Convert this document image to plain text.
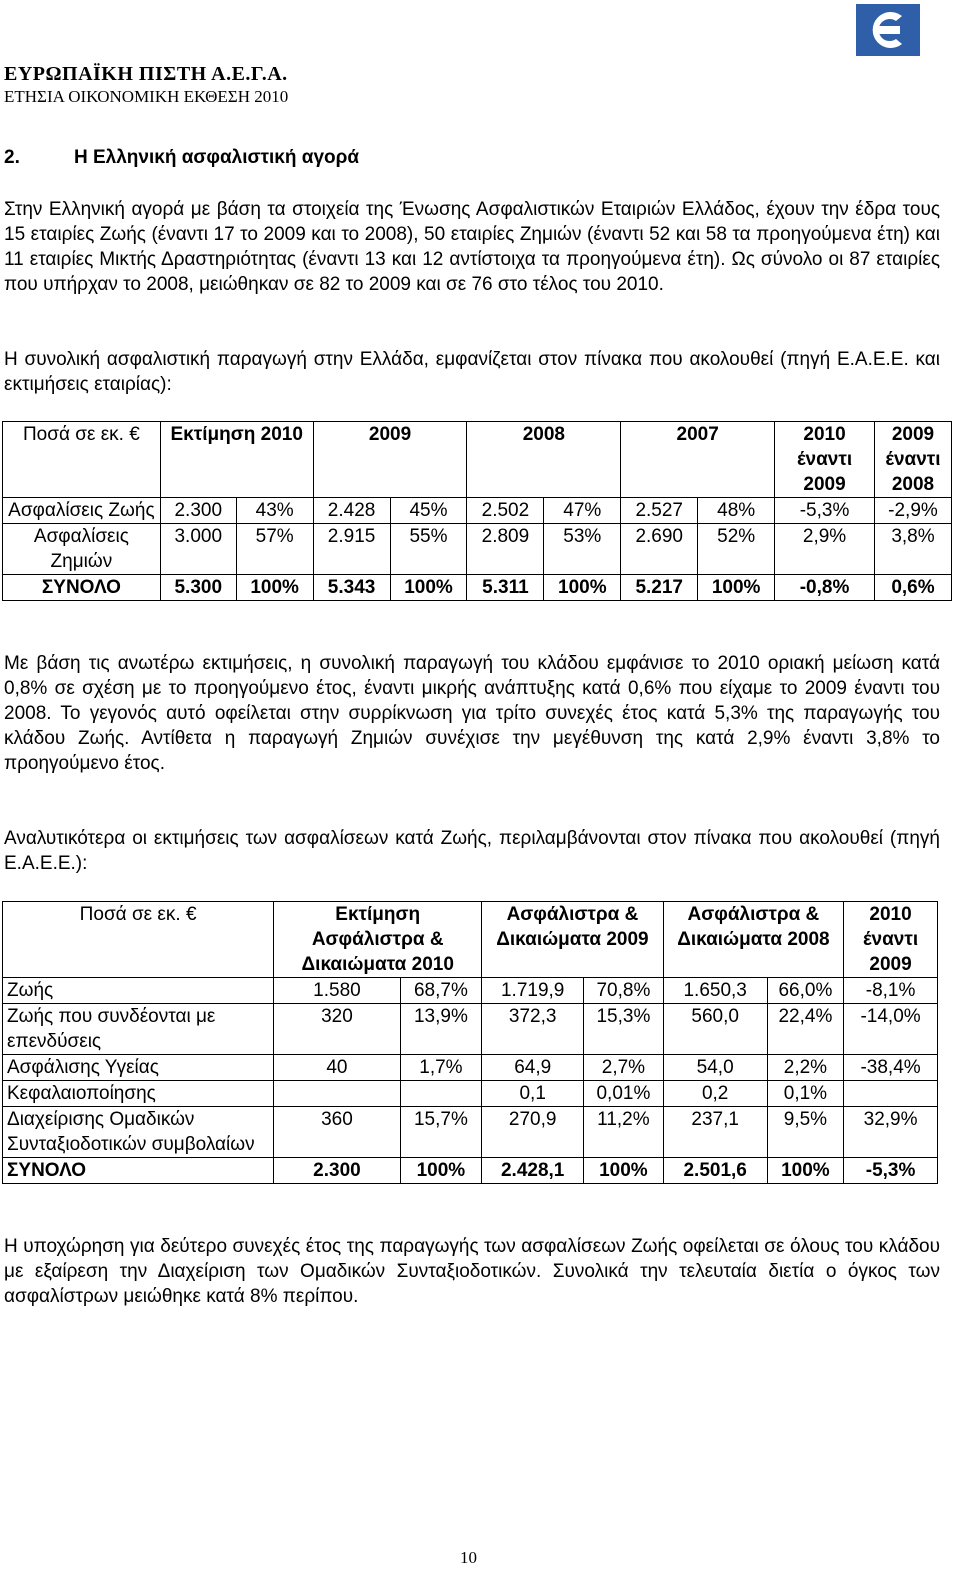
ΕΥΡΩΠΑΪΚΗ ΠΙΣΤΗ Α.Ε.Γ.Α.
ΕΤΗΣΙΑ ΟΙΚΟΝΟΜΙΚΗ ΕΚΘΕΣΗ 2010
2.	Η Ελληνική ασφαλιστική αγορά

Στην Ελληνική αγορά με βάση τα στοιχεία της Ένωσης Ασφαλιστικών Εταιριών Ελλάδος, έχουν την έδρα τους 15 εταιρίες Ζωής (έναντι 17 το 2009 και το 2008), 50 εταιρίες Ζημιών (έναντι 52 και 58 τα προηγούμενα έτη) και 11 εταιρίες Μικτής Δραστηριότητας (έναντι 13 και 12 αντίστοιχα τα προηγούμενα έτη). Ως σύνολο οι 87 εταιρίες που υπήρχαν το 2008, μειώθηκαν σε 82 το 2009 και σε 76 στο τέλος του 2010.

Η συνολική ασφαλιστική παραγωγή στην Ελλάδα, εμφανίζεται στον πίνακα που ακολουθεί (πηγή Ε.Α.Ε.Ε. και εκτιμήσεις εταιρίας):

Ποσά σε εκ. €	Εκτίμηση 2010		2009		2008		2007		2010 έναντι 2009	2009 έναντι 2008
Ασφαλίσεις Ζωής	2.300	43%	2.428	45%	2.502	47%	2.527	48%	-5,3%	-2,9%
Ασφαλίσεις Ζημιών	3.000	57%	2.915	55%	2.809	53%	2.690	52%	2,9%	3,8%
ΣΥΝΟΛΟ	5.300	100%	5.343	100%	5.311	100%	5.217	100%	-0,8%	0,6%

Με βάση τις ανωτέρω εκτιμήσεις, η συνολική παραγωγή του κλάδου εμφάνισε το 2010 οριακή μείωση κατά 0,8% σε σχέση με το προηγούμενο έτος, έναντι μικρής ανάπτυξης κατά 0,6% που είχαμε το 2009 έναντι του 2008. Το γεγονός αυτό οφείλεται στην συρρίκνωση για τρίτο συνεχές έτος κατά 5,3% της παραγωγής του κλάδου Ζωής. Αντίθετα η παραγωγή Ζημιών συνέχισε την μεγέθυνση της κατά 2,9% έναντι 3,8% το προηγούμενο έτος.

Αναλυτικότερα οι εκτιμήσεις των ασφαλίσεων κατά Ζωής, περιλαμβάνονται στον πίνακα που ακολουθεί (πηγή Ε.Α.Ε.Ε.):

Ποσά σε εκ. €	Εκτίμηση Ασφάλιστρα & Δικαιώματα 2010		Ασφάλιστρα & Δικαιώματα 2009		Ασφάλιστρα & Δικαιώματα 2008		2010 έναντι 2009
Ζωής	1.580	68,7%	1.719,9	70,8%	1.650,3	66,0%	-8,1%
Ζωής που συνδέονται με επενδύσεις	320	13,9%	372,3	15,3%	560,0	22,4%	-14,0%
Ασφάλισης Υγείας	40	1,7%	64,9	2,7%	54,0	2,2%	-38,4%
Κεφαλαιοποίησης			0,1	0,01%	0,2	0,1%	
Διαχείρισης Ομαδικών Συνταξιοδοτικών συμβολαίων	360	15,7%	270,9	11,2%	237,1	9,5%	32,9%
ΣΥΝΟΛΟ	2.300	100%	2.428,1	100%	2.501,6	100%	-5,3%

Η υποχώρηση για δεύτερο συνεχές έτος της παραγωγής των ασφαλίσεων Ζωής οφείλεται σε όλους του κλάδου με εξαίρεση την Διαχείριση των Ομαδικών Συνταξιοδοτικών. Συνολικά την τελευταία διετία ο όγκος των ασφαλίστρων μειώθηκε κατά 8% περίπου.

10
